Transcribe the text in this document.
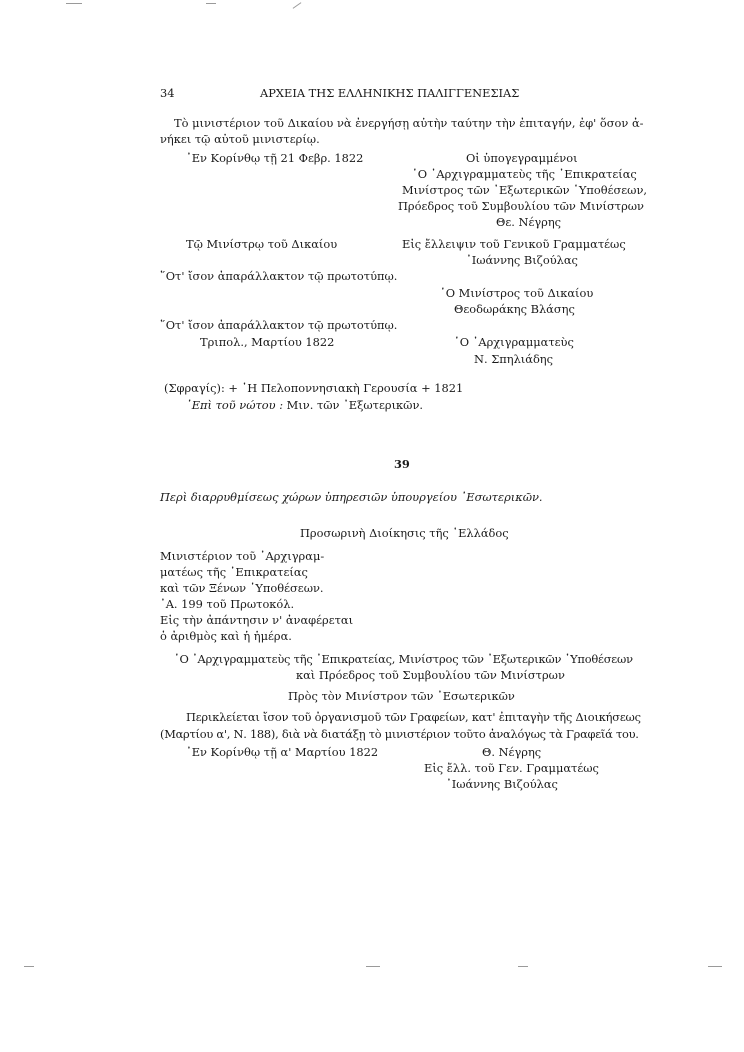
34	ΑΡΧΕΙΑ ΤΗΣ ΕΛΛΗΝΙΚΗΣ ΠΑΛΙΓΓΕΝΕΣΙΑΣ
Τὸ μινιστέριον τοῦ Δικαίου νὰ ἐνεργήσῃ αὐτὴν ταύτην τὴν ἐπιταγήν, ἐφ' ὅσον ἀ-
νήκει τῷ αὐτοῦ μινιστερίῳ.
᾿Εν Κορίνθῳ τῇ 21 Φεβρ. 1822	Οἱ ὑπογεγραμμένοι
῾Ο ᾿Αρχιγραμματεὺς τῆς ᾿Επικρατείας
Μινίστρος τῶν ᾿Εξωτερικῶν ῾Υποθέσεων,
Πρόεδρος τοῦ Συμβουλίου τῶν Μινίστρων
Θε. Νέγρης
Τῷ Μινίστρῳ τοῦ Δικαίου	Εἰς ἔλλειψιν τοῦ Γενικοῦ Γραμματέως
᾿Ιωάννης Βιζούλας
῞Οτ' ἴσον ἀπαράλλακτον τῷ πρωτοτύπῳ.
῾Ο Μινίστρος τοῦ Δικαίου
Θεοδωράκης Βλάσης
῞Οτ' ἴσον ἀπαράλλακτον τῷ πρωτοτύπῳ.
Τριπολ., Μαρτίου 1822	῾Ο ᾿Αρχιγραμματεὺς
Ν. Σπηλιάδης
(Σφραγίς): + ῾Η Πελοποννησιακὴ Γερουσία + 1821
᾿Επὶ τοῦ νώτου : Μιν. τῶν ᾿Εξωτερικῶν.
39
Περὶ διαρρυθμίσεως χώρων ὑπηρεσιῶν ὑπουργείου ᾿Εσωτερικῶν.
Προσωρινὴ Διοίκησις τῆς ῾Ελλάδος
Μινιστέριον τοῦ ᾿Αρχιγραμ-
ματέως τῆς ᾿Επικρατείας
καὶ τῶν Ξένων ῾Υποθέσεων.
᾿Α. 199 τοῦ Πρωτοκόλ.
Εἰς τὴν ἀπάντησιν ν' ἀναφέρεται
ὁ ἀριθμὸς καὶ ἡ ἡμέρα.
῾Ο ᾿Αρχιγραμματεὺς τῆς ᾿Επικρατείας, Μινίστρος τῶν ᾿Εξωτερικῶν ῾Υποθέσεων
καὶ Πρόεδρος τοῦ Συμβουλίου τῶν Μινίστρων
Πρὸς τὸν Μινίστρον τῶν ᾿Εσωτερικῶν
Περικλείεται ἴσον τοῦ ὀργανισμοῦ τῶν Γραφείων, κατ' ἐπιταγὴν τῆς Διοικήσεως
(Μαρτίου α', Ν. 188), διὰ νὰ διατάξῃ τὸ μινιστέριον τοῦτο ἀναλόγως τὰ Γραφεῖά του.
᾿Εν Κορίνθῳ τῇ α' Μαρτίου 1822	Θ. Νέγρης
Εἰς ἔλλ. τοῦ Γεν. Γραμματέως
᾿Ιωάννης Βιζούλας
